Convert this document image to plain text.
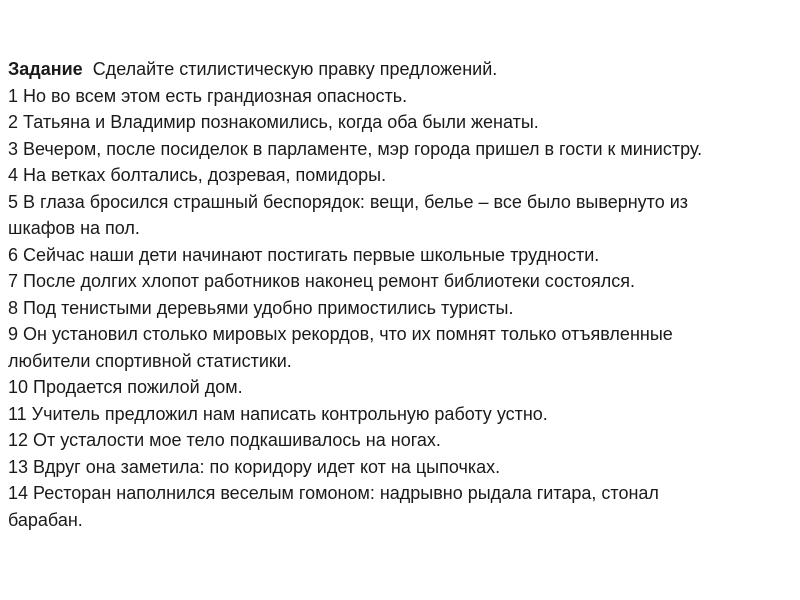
Задание Сделайте стилистическую правку предложений.
1 Но во всем этом есть грандиозная опасность.
2 Татьяна и Владимир познакомились, когда оба были женаты.
3 Вечером, после посиделок в парламенте, мэр города пришел в гости к министру.
4 На ветках болтались, дозревая, помидоры.
5 В глаза бросился страшный беспорядок: вещи, белье – все было вывернуто из
шкафов на пол.
6 Сейчас наши дети начинают постигать первые школьные трудности.
7 После долгих хлопот работников наконец ремонт библиотеки состоялся.
8 Под тенистыми деревьями удобно примостились туристы.
9 Он установил столько мировых рекордов, что их помнят только отъявленные
любители спортивной статистики.
10 Продается пожилой дом.
11 Учитель предложил нам написать контрольную работу устно.
12 От усталости мое тело подкашивалось на ногах.
13 Вдруг она заметила: по коридору идет кот на цыпочках.
14 Ресторан наполнился веселым гомоном: надрывно рыдала гитара, стонал
барабан.
